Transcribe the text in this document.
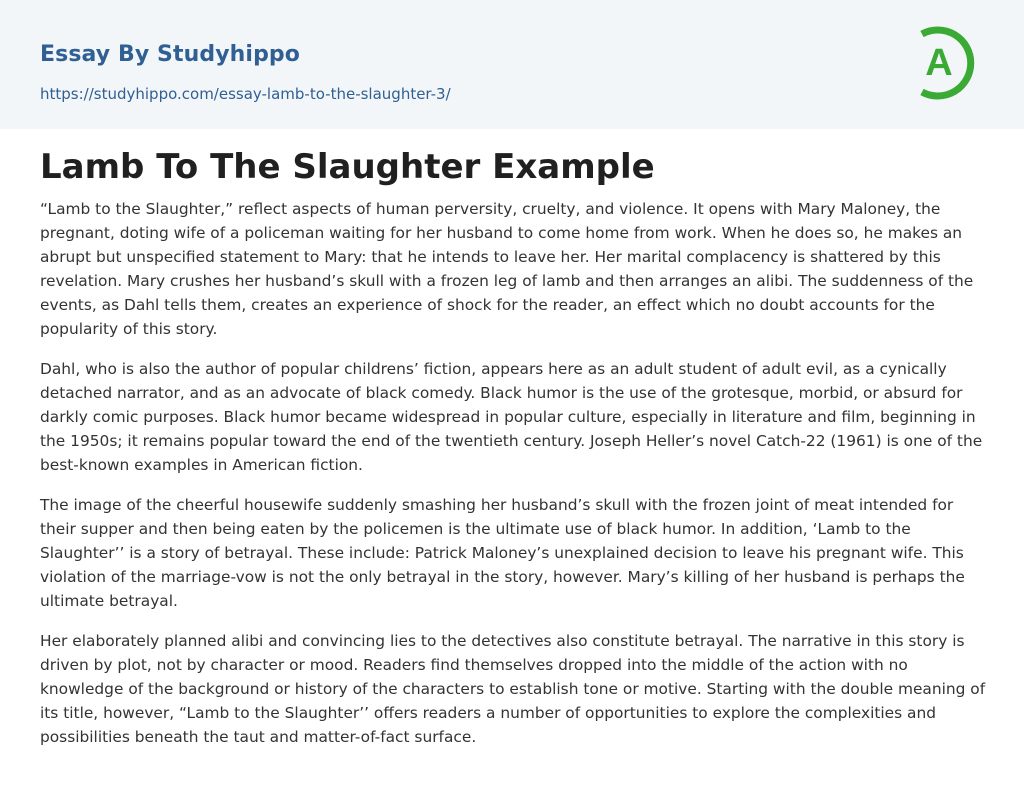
Essay By Studyhippo
https://studyhippo.com/essay-lamb-to-the-slaughter-3/
A
Lamb To The Slaughter Example

“Lamb to the Slaughter,” reflect aspects of human perversity, cruelty, and violence. It opens with Mary Maloney, the pregnant, doting wife of a policeman waiting for her husband to come home from work. When he does so, he makes an abrupt but unspecified statement to Mary: that he intends to leave her. Her marital complacency is shattered by this revelation. Mary crushes her husband’s skull with a frozen leg of lamb and then arranges an alibi. The suddenness of the events, as Dahl tells them, creates an experience of shock for the reader, an effect which no doubt accounts for the popularity of this story.

Dahl, who is also the author of popular childrens’ fiction, appears here as an adult student of adult evil, as a cynically detached narrator, and as an advocate of black comedy. Black humor is the use of the grotesque, morbid, or absurd for darkly comic purposes. Black humor became widespread in popular culture, especially in literature and film, beginning in the 1950s; it remains popular toward the end of the twentieth century. Joseph Heller’s novel Catch-22 (1961) is one of the best-known examples in American fiction.

The image of the cheerful housewife suddenly smashing her husband’s skull with the frozen joint of meat intended for their supper and then being eaten by the policemen is the ultimate use of black humor. In addition, ‘Lamb to the Slaughter’’ is a story of betrayal. These include: Patrick Maloney’s unexplained decision to leave his pregnant wife. This violation of the marriage-vow is not the only betrayal in the story, however. Mary’s killing of her husband is perhaps the ultimate betrayal.

Her elaborately planned alibi and convincing lies to the detectives also constitute betrayal. The narrative in this story is driven by plot, not by character or mood. Readers find themselves dropped into the middle of the action with no knowledge of the background or history of the characters to establish tone or motive. Starting with the double meaning of its title, however, “Lamb to the Slaughter’’ offers readers a number of opportunities to explore the complexities and possibilities beneath the taut and matter-of-fact surface.
